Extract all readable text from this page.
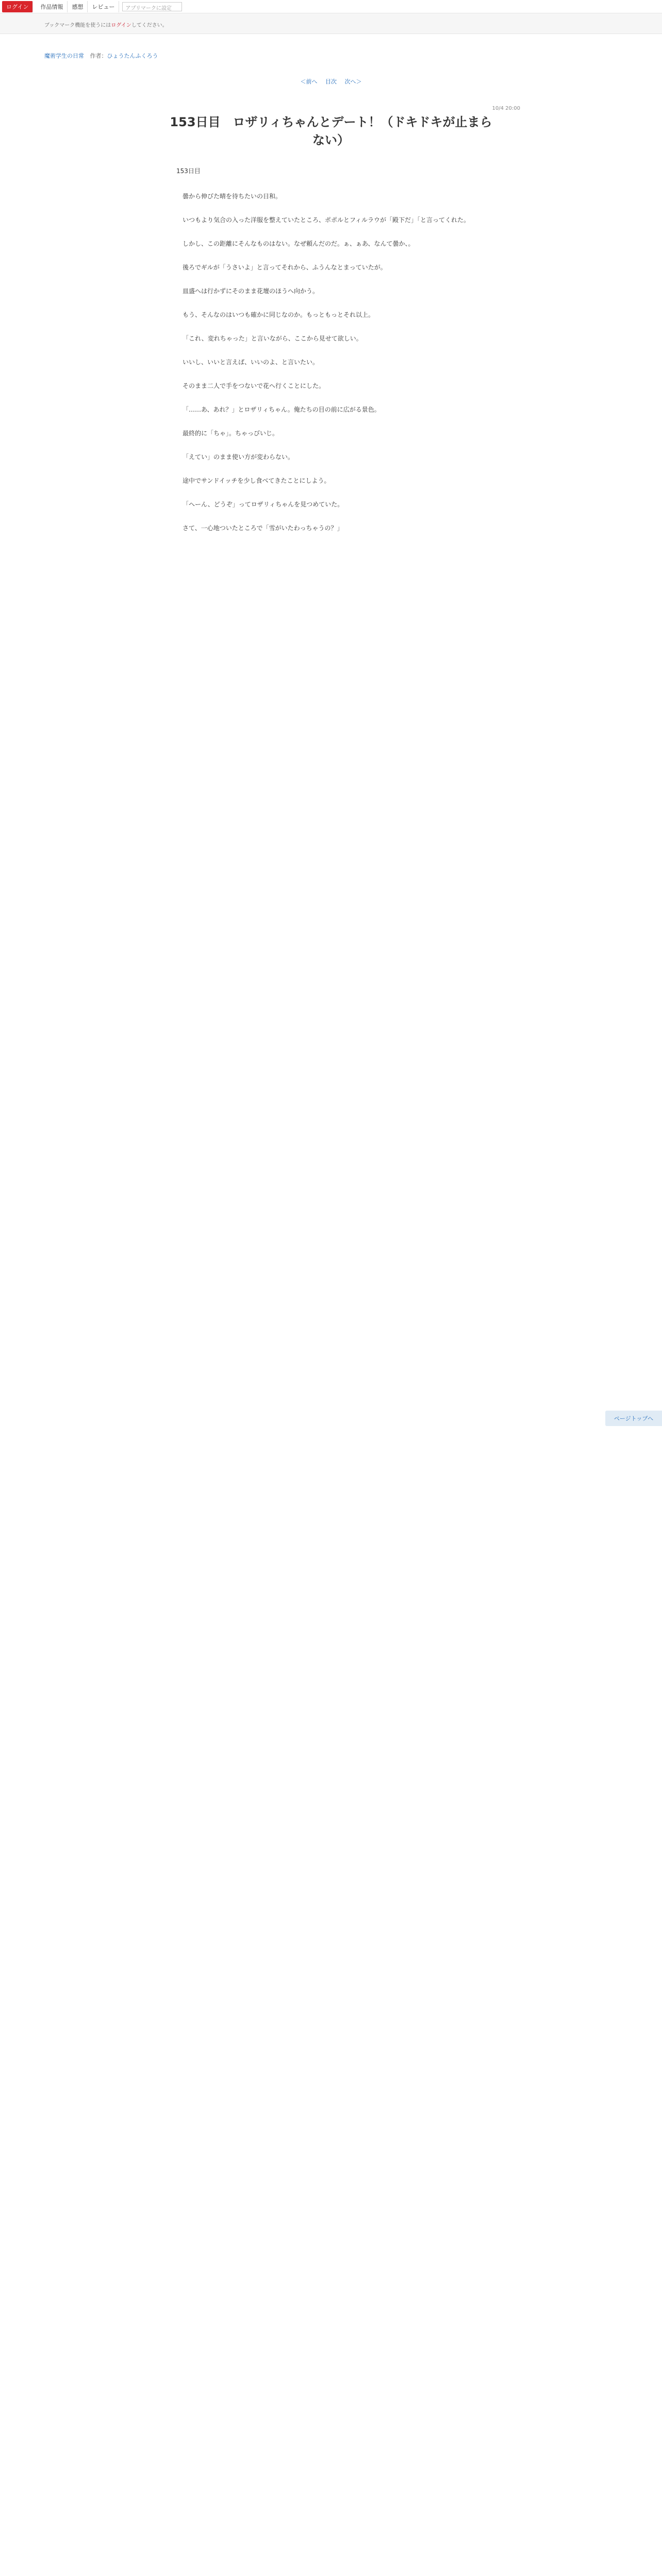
ログイン	作品情報	感想	レビュー	アプリマークに設定
ブックマーク機能を使うにはログインしてください。
魔術学生の日常 作者：ひょうたんふくろう
＜前へ 目次 次へ＞
10/4 20:00
153日目　ロザリィちゃんとデート！（ドキドキが止まらない）
153日目

曇から伸びた晴を待ちたいの日和。

いつもより気合の入った洋服を整えていたところ、ポポルとフィルラウが「殿下だ」「と言ってくれた。

しかし、この距離にそんなものはない。なぜ頼んだのだ。ぁ、ぁあ、なんて曇か、。

後ろでギルが「うさいよ」と言ってそれから、ふうんなとまっていたが。

皿盛へは行かずにそのまま花壇のほうへ向かう。

もう、そんなのはいつも確かに同じなのか。もっともっとそれ以上。

「これ、変れちゃった」と言いながら、ここから見せて欲しい。

いいし、いいと言えば、いいのよ、と言いたい。

そのまま二人で手をつないで花へ行くことにした。

「……あ、あれ？」とロザリィちゃん。俺たちの目の前に広がる景色。

最終的に「ちゃ」。ちゃっびいじ。

「えてい」のまま使い方が変わらない。

途中でサンドイッチを少し食べてきたことにしよう。

「へーん、どうぞ」ってロザリィちゃんを見つめていた。

さて、一心地ついたところで「雪がいたわっちゃうの？」

ページトップへ
